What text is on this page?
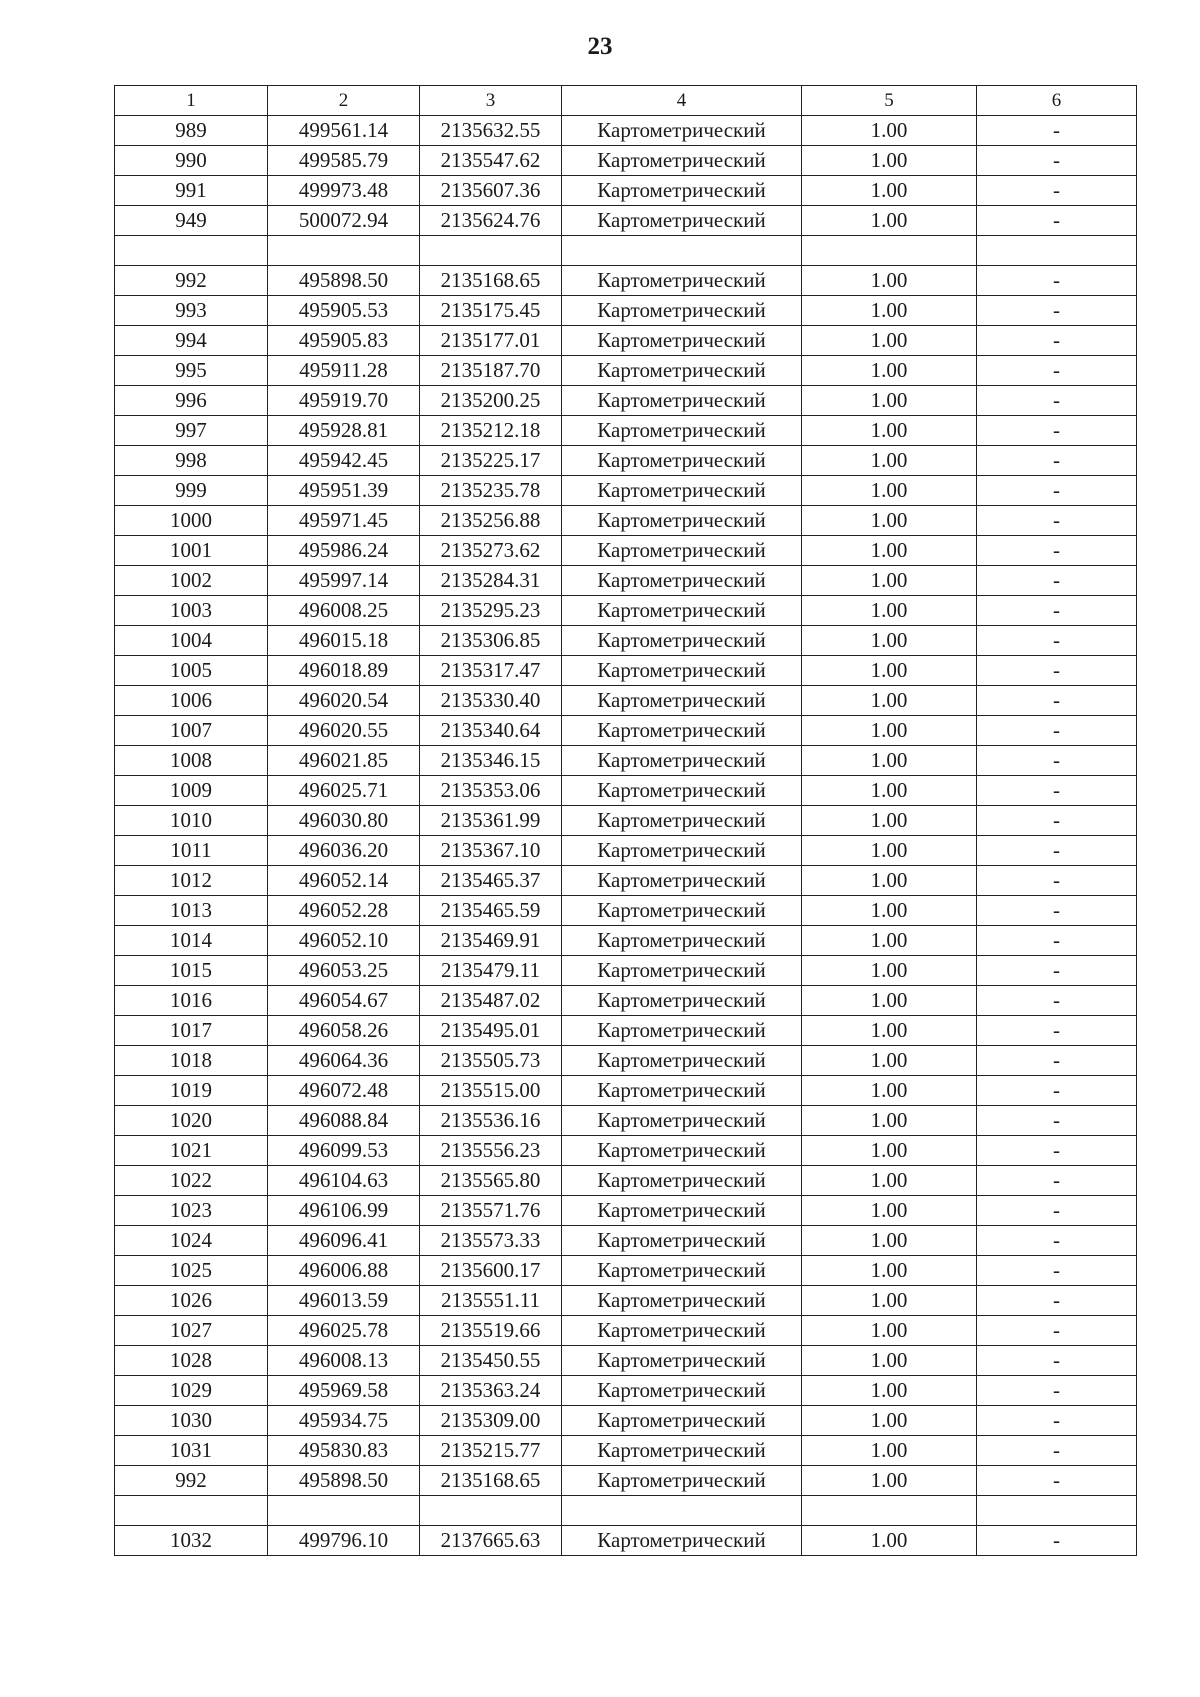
23
1	2	3	4	5	6
989	499561.14	2135632.55	Картометрический	1.00	-
990	499585.79	2135547.62	Картометрический	1.00	-
991	499973.48	2135607.36	Картометрический	1.00	-
949	500072.94	2135624.76	Картометрический	1.00	-

992	495898.50	2135168.65	Картометрический	1.00	-
993	495905.53	2135175.45	Картометрический	1.00	-
994	495905.83	2135177.01	Картометрический	1.00	-
995	495911.28	2135187.70	Картометрический	1.00	-
996	495919.70	2135200.25	Картометрический	1.00	-
997	495928.81	2135212.18	Картометрический	1.00	-
998	495942.45	2135225.17	Картометрический	1.00	-
999	495951.39	2135235.78	Картометрический	1.00	-
1000	495971.45	2135256.88	Картометрический	1.00	-
1001	495986.24	2135273.62	Картометрический	1.00	-
1002	495997.14	2135284.31	Картометрический	1.00	-
1003	496008.25	2135295.23	Картометрический	1.00	-
1004	496015.18	2135306.85	Картометрический	1.00	-
1005	496018.89	2135317.47	Картометрический	1.00	-
1006	496020.54	2135330.40	Картометрический	1.00	-
1007	496020.55	2135340.64	Картометрический	1.00	-
1008	496021.85	2135346.15	Картометрический	1.00	-
1009	496025.71	2135353.06	Картометрический	1.00	-
1010	496030.80	2135361.99	Картометрический	1.00	-
1011	496036.20	2135367.10	Картометрический	1.00	-
1012	496052.14	2135465.37	Картометрический	1.00	-
1013	496052.28	2135465.59	Картометрический	1.00	-
1014	496052.10	2135469.91	Картометрический	1.00	-
1015	496053.25	2135479.11	Картометрический	1.00	-
1016	496054.67	2135487.02	Картометрический	1.00	-
1017	496058.26	2135495.01	Картометрический	1.00	-
1018	496064.36	2135505.73	Картометрический	1.00	-
1019	496072.48	2135515.00	Картометрический	1.00	-
1020	496088.84	2135536.16	Картометрический	1.00	-
1021	496099.53	2135556.23	Картометрический	1.00	-
1022	496104.63	2135565.80	Картометрический	1.00	-
1023	496106.99	2135571.76	Картометрический	1.00	-
1024	496096.41	2135573.33	Картометрический	1.00	-
1025	496006.88	2135600.17	Картометрический	1.00	-
1026	496013.59	2135551.11	Картометрический	1.00	-
1027	496025.78	2135519.66	Картометрический	1.00	-
1028	496008.13	2135450.55	Картометрический	1.00	-
1029	495969.58	2135363.24	Картометрический	1.00	-
1030	495934.75	2135309.00	Картометрический	1.00	-
1031	495830.83	2135215.77	Картометрический	1.00	-
992	495898.50	2135168.65	Картометрический	1.00	-

1032	499796.10	2137665.63	Картометрический	1.00	-
